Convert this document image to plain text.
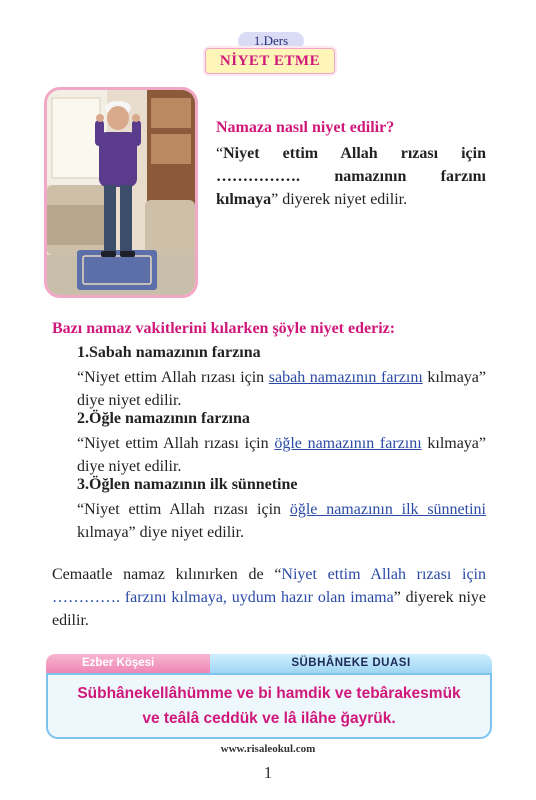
1.Ders
NİYET ETME
Namaza nasıl niyet edilir?
“Niyet ettim Allah rızası için ……………. namazının farzını kılmaya” diyerek niyet edilir.
Bazı namaz vakitlerini kılarken şöyle niyet ederiz:
1.Sabah namazının farzına
“Niyet ettim Allah rızası için sabah namazının farzını kılmaya” diye niyet edilir.
2.Öğle namazının farzına
“Niyet ettim Allah rızası için öğle namazının farzını kılmaya” diye niyet edilir.
3.Öğlen namazının ilk sünnetine
“Niyet ettim Allah rızası için öğle namazının ilk sünnetini kılmaya” diye niyet edilir.
Cemaatle namaz kılınırken de “Niyet ettim Allah rızası için …………. farzını kılmaya, uydum hazır olan imama” diyerek niye edilir.
Ezber Köşesi	SÜBHÂNEKE DUASI
Sübhânekellâhümme ve bi hamdik ve tebârakesmük
ve teâlâ ceddük ve lâ ilâhe ğayrük.
www.risaleokul.com
1
